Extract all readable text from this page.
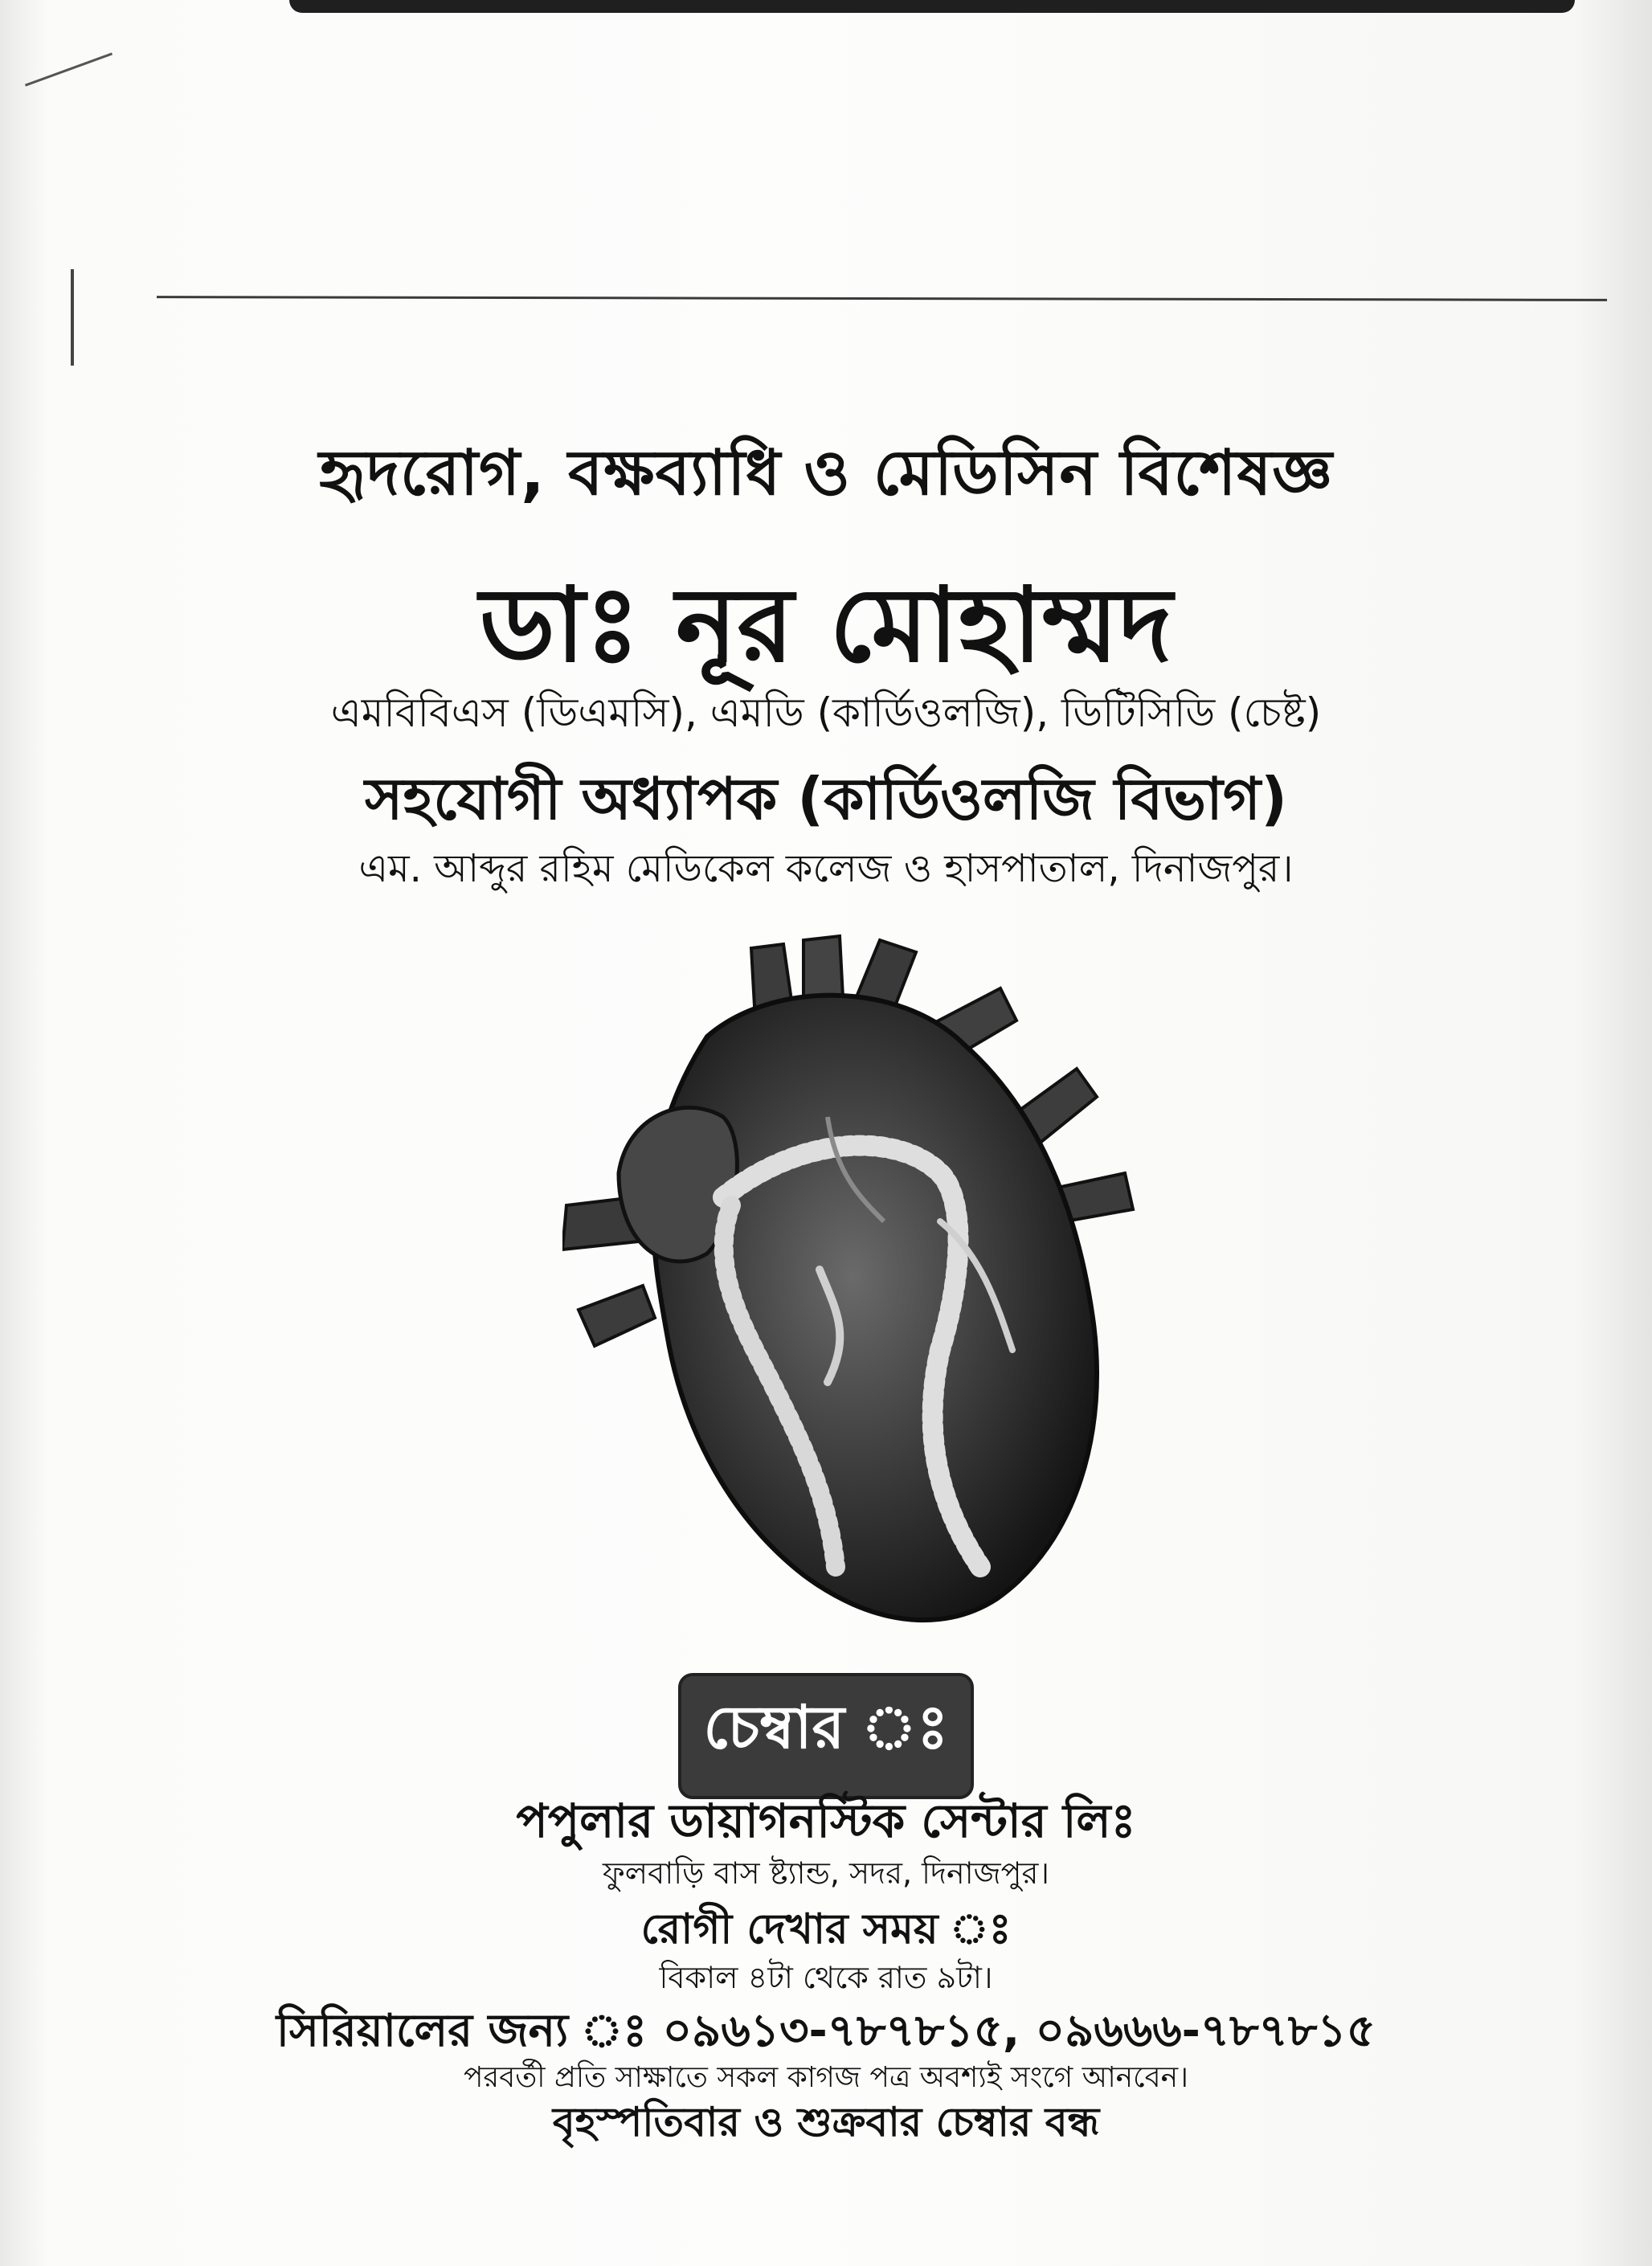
হৃদরোগ, বক্ষব্যাধি ও মেডিসিন বিশেষজ্ঞ
ডাঃ নূর মোহাম্মদ
এমবিবিএস (ডিএমসি), এমডি (কার্ডিওলজি), ডিটিসিডি (চেষ্ট)
সহযোগী অধ্যাপক (কার্ডিওলজি বিভাগ)
এম. আব্দুর রহিম মেডিকেল কলেজ ও হাসপাতাল, দিনাজপুর।
চেম্বার ঃ
পপুলার ডায়াগনস্টিক সেন্টার লিঃ
ফুলবাড়ি বাস ষ্ট্যান্ড, সদর, দিনাজপুর।
রোগী দেখার সময় ঃ
বিকাল ৪টা থেকে রাত ৯টা।
সিরিয়ালের জন্য ঃ ০৯৬১৩-৭৮৭৮১৫, ০৯৬৬৬-৭৮৭৮১৫
পরবর্তী প্রতি সাক্ষাতে সকল কাগজ পত্র অবশ্যই সংগে আনবেন।
বৃহস্পতিবার ও শুক্রবার চেম্বার বন্ধ
